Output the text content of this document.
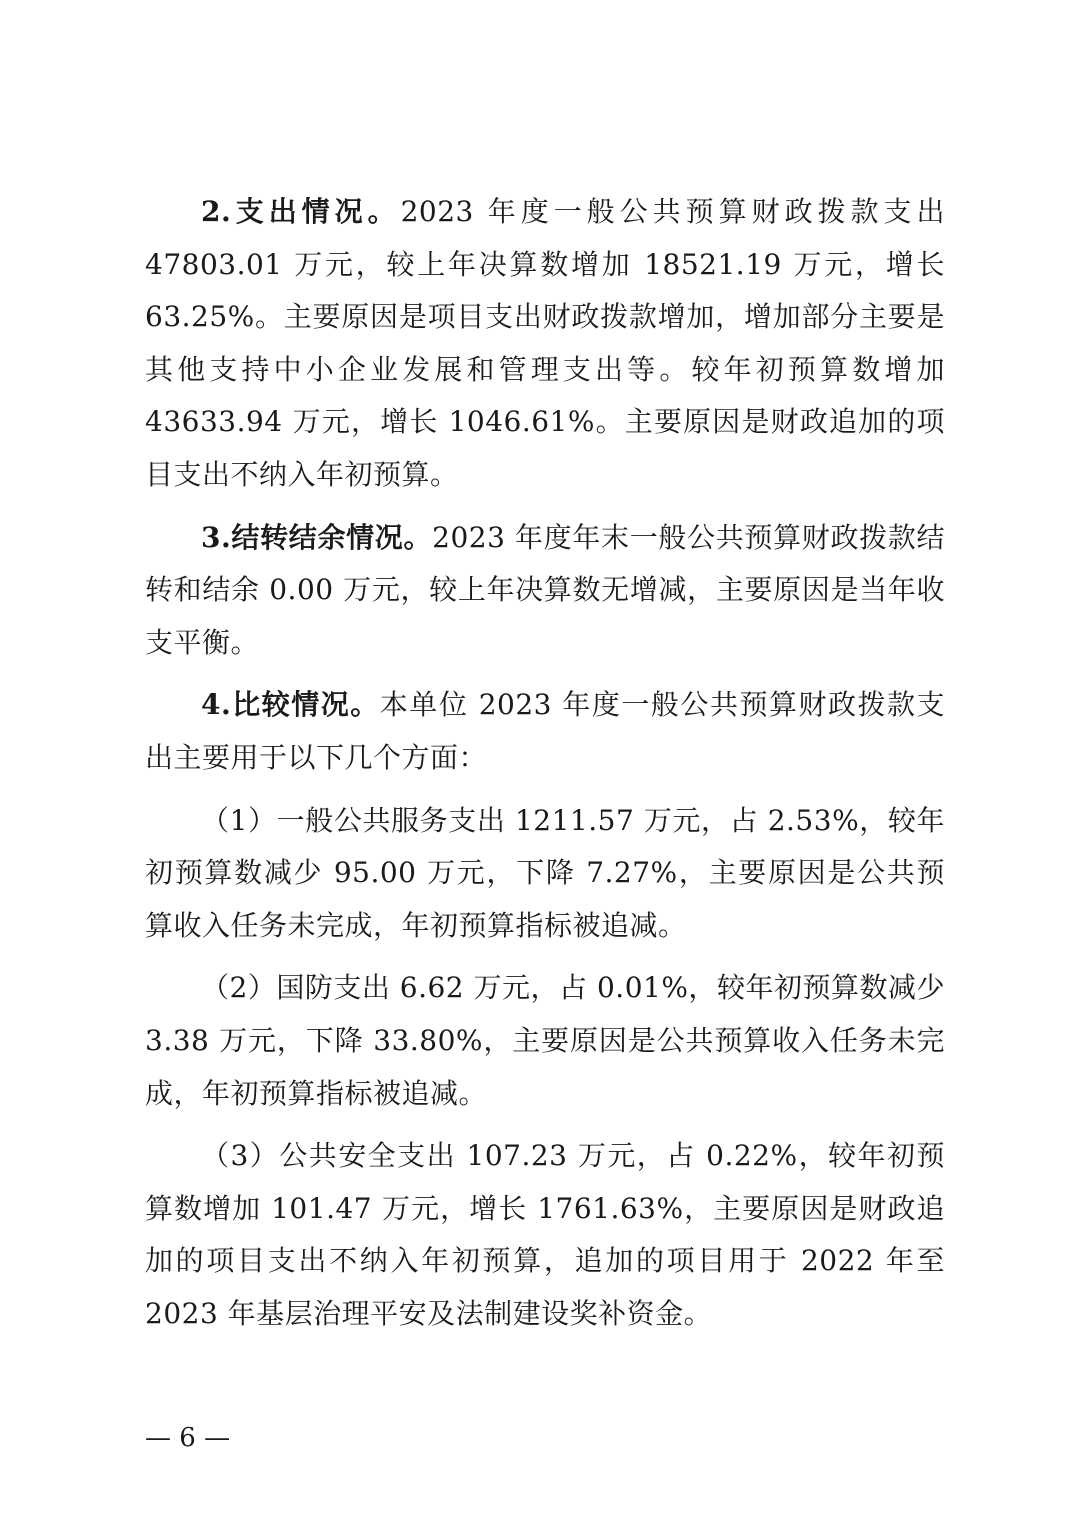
2.支出情况。2023 年度一般公共预算财政拨款支出 47803.01 万元，较上年决算数增加 18521.19 万元，增长 63.25%。主要原因是项目支出财政拨款增加，增加部分主要是其他支持中小企业发展和管理支出等。较年初预算数增加 43633.94 万元，增长 1046.61%。主要原因是财政追加的项目支出不纳入年初预算。

3.结转结余情况。2023 年度年末一般公共预算财政拨款结转和结余 0.00 万元，较上年决算数无增减，主要原因是当年收支平衡。

4.比较情况。本单位 2023 年度一般公共预算财政拨款支出主要用于以下几个方面：

（1）一般公共服务支出 1211.57 万元，占 2.53%，较年初预算数减少 95.00 万元，下降 7.27%，主要原因是公共预算收入任务未完成，年初预算指标被追减。

（2）国防支出 6.62 万元，占 0.01%，较年初预算数减少 3.38 万元，下降 33.80%，主要原因是公共预算收入任务未完成，年初预算指标被追减。

（3）公共安全支出 107.23 万元，占 0.22%，较年初预算数增加 101.47 万元，增长 1761.63%，主要原因是财政追加的项目支出不纳入年初预算，追加的项目用于 2022 年至 2023 年基层治理平安及法制建设奖补资金。

— 6 —
